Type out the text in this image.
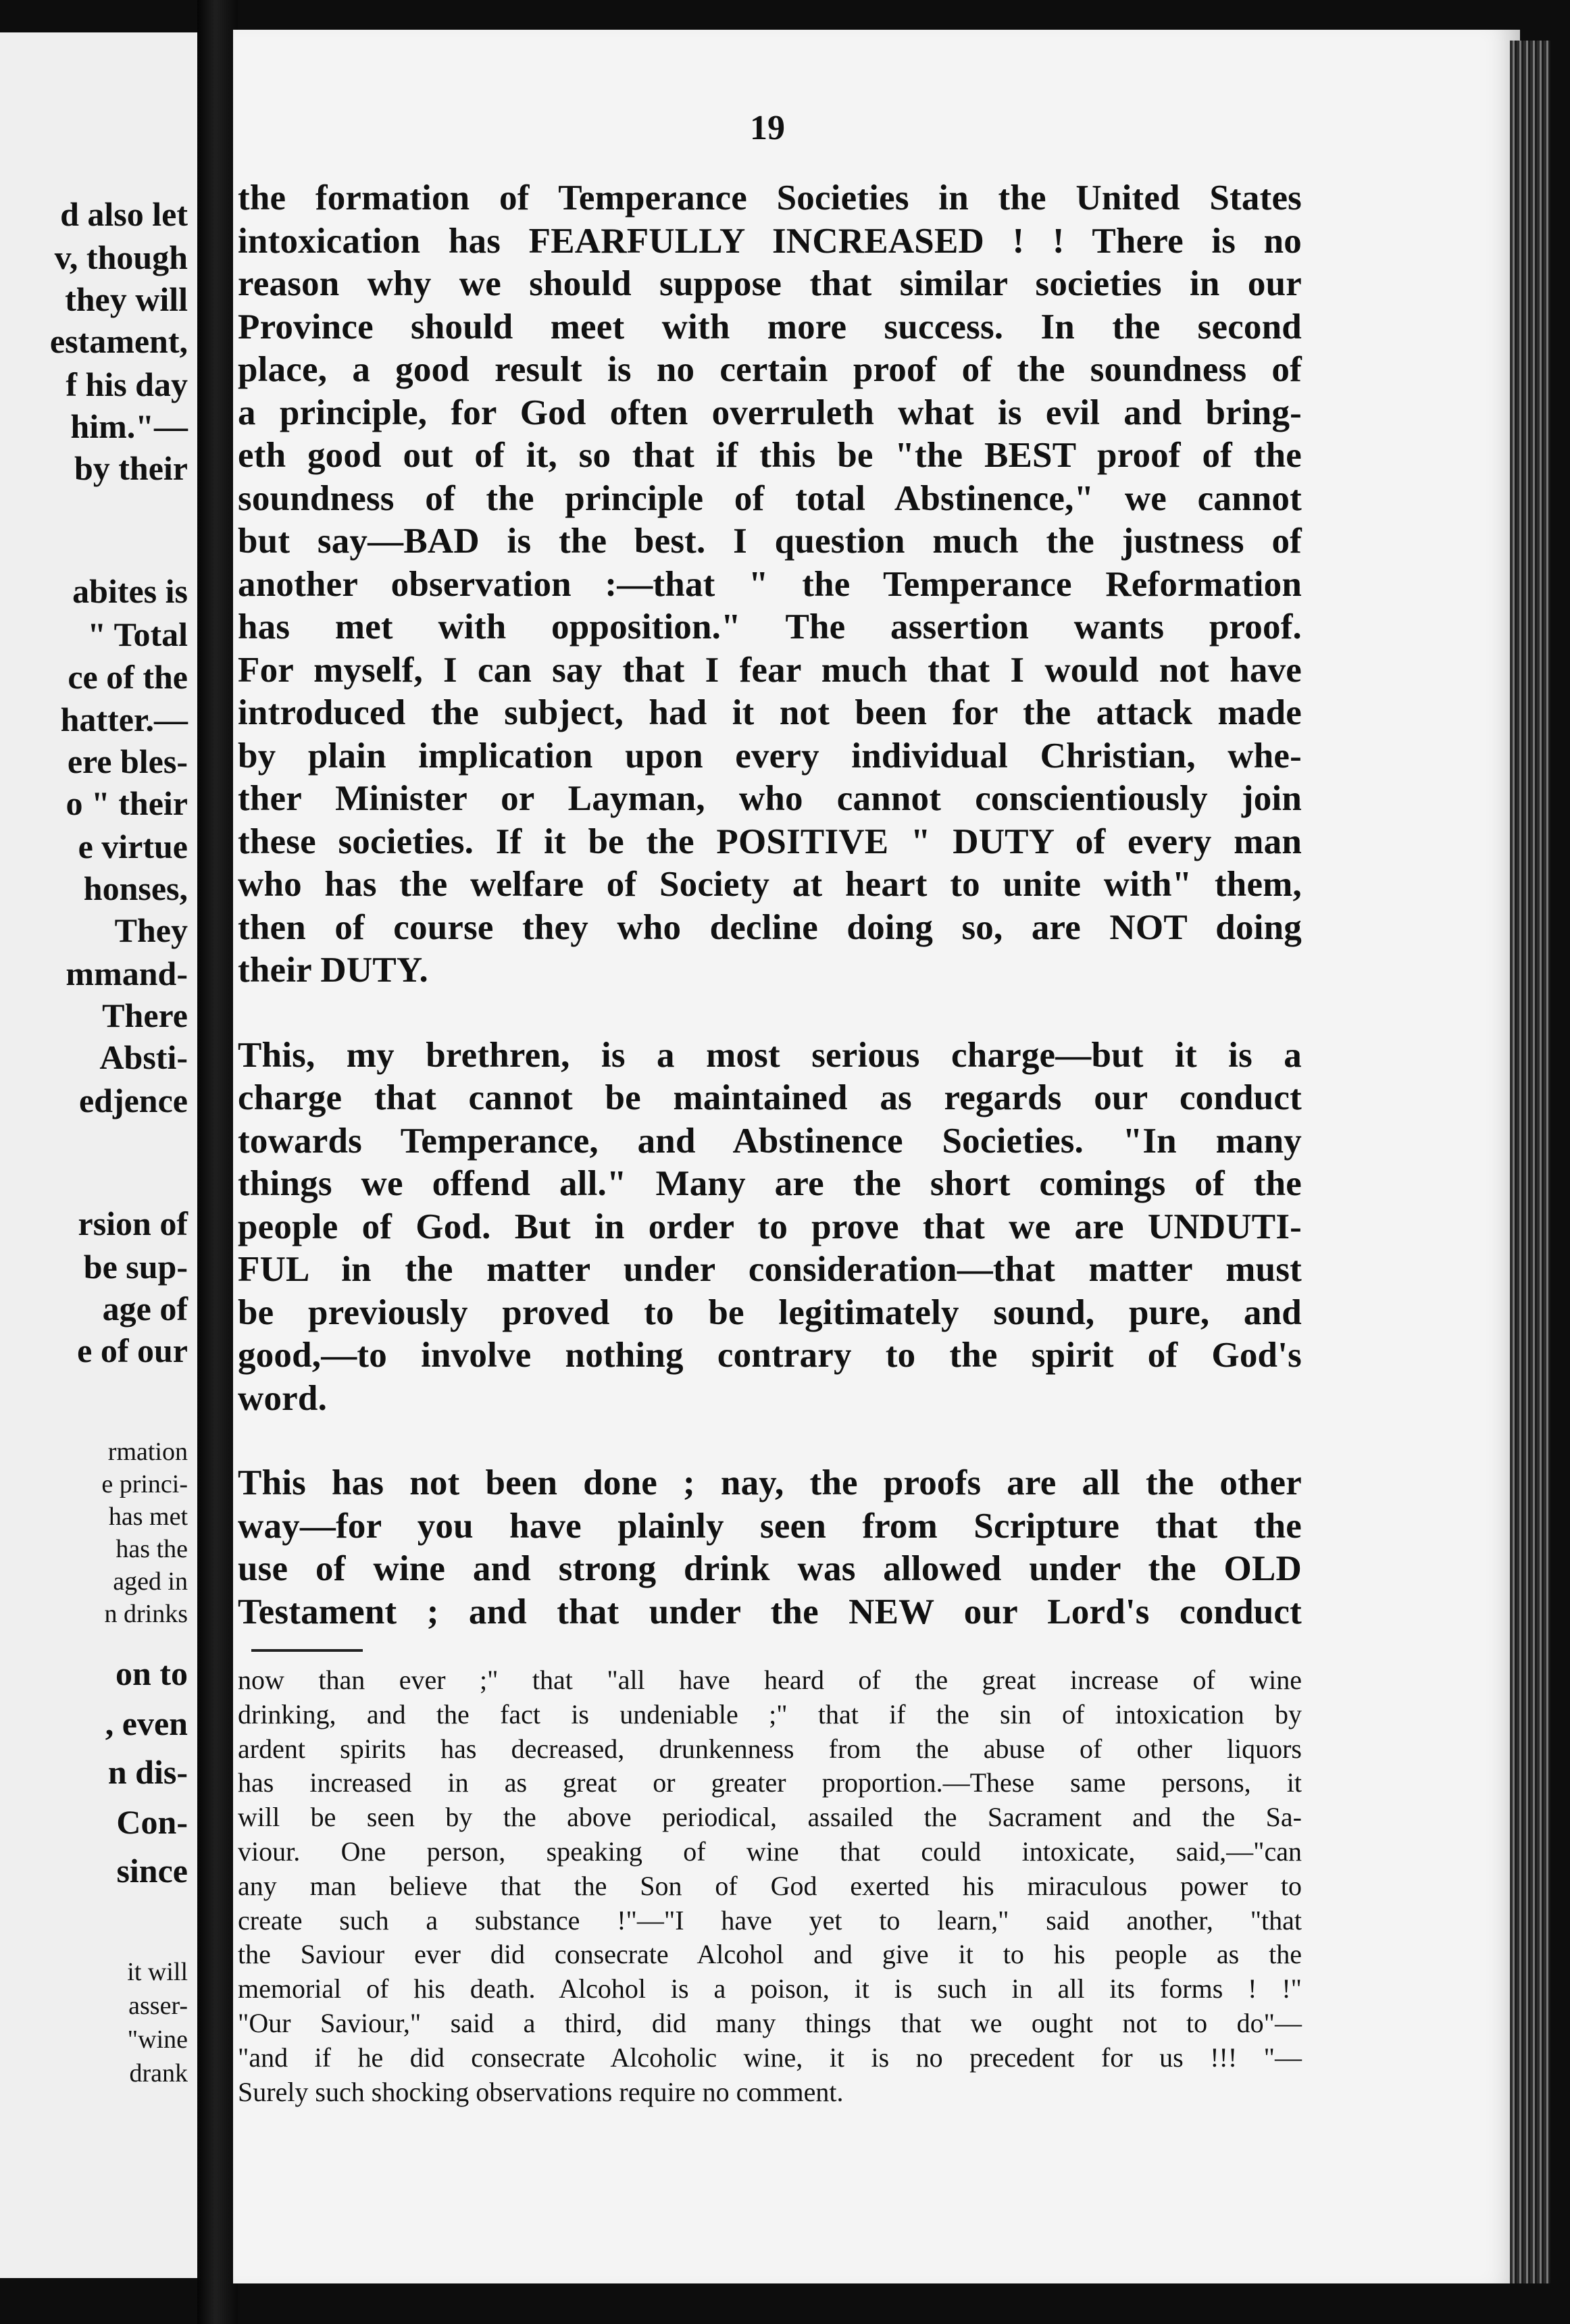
d also let
v, though
they will
estament,
f his day
him."—
by their
abites is
" Total
ce of the
hatter.—
ere bles-
o " their
e virtue
honses,
They
mmand-
There
Absti-
edjence
rsion of
be sup-
age of
e of our
rmation
e princi-
has met
has the
aged in
n drinks
on to
, even
n dis-
Con-
since
it will
asser-
"wine
drank
19
the formation of Temperance Societies in the United States
intoxication has FEARFULLY INCREASED ! ! There is no
reason why we should suppose that similar societies in our
Province should meet with more success. In the second
place, a good result is no certain proof of the soundness of
a principle, for God often overruleth what is evil and bring-
eth good out of it, so that if this be "the BEST proof of the
soundness of the principle of total Abstinence," we cannot
but say—BAD is the best. I question much the justness of
another observation :—that " the Temperance Reformation
has met with opposition." The assertion wants proof.
For myself, I can say that I fear much that I would not have
introduced the subject, had it not been for the attack made
by plain implication upon every individual Christian, whe-
ther Minister or Layman, who cannot conscientiously join
these societies. If it be the POSITIVE " DUTY of every man
who has the welfare of Society at heart to unite with" them,
then of course they who decline doing so, are NOT doing
their DUTY.
This, my brethren, is a most serious charge—but it is a
charge that cannot be maintained as regards our conduct
towards Temperance, and Abstinence Societies. "In many
things we offend all." Many are the short comings of the
people of God. But in order to prove that we are UNDUTI-
FUL in the matter under consideration—that matter must
be previously proved to be legitimately sound, pure, and
good,—to involve nothing contrary to the spirit of God's
word.
This has not been done ; nay, the proofs are all the other
way—for you have plainly seen from Scripture that the
use of wine and strong drink was allowed under the OLD
Testament ; and that under the NEW our Lord's conduct
now than ever ;" that "all have heard of the great increase of wine
drinking, and the fact is undeniable ;" that if the sin of intoxication by
ardent spirits has decreased, drunkenness from the abuse of other liquors
has increased in as great or greater proportion.—These same persons, it
will be seen by the above periodical, assailed the Sacrament and the Sa-
viour. One person, speaking of wine that could intoxicate, said,—"can
any man believe that the Son of God exerted his miraculous power to
create such a substance !"—"I have yet to learn," said another, "that
the Saviour ever did consecrate Alcohol and give it to his people as the
memorial of his death. Alcohol is a poison, it is such in all its forms ! !"
"Our Saviour," said a third, did many things that we ought not to do"—
"and if he did consecrate Alcoholic wine, it is no precedent for us !!! "—
Surely such shocking observations require no comment.
